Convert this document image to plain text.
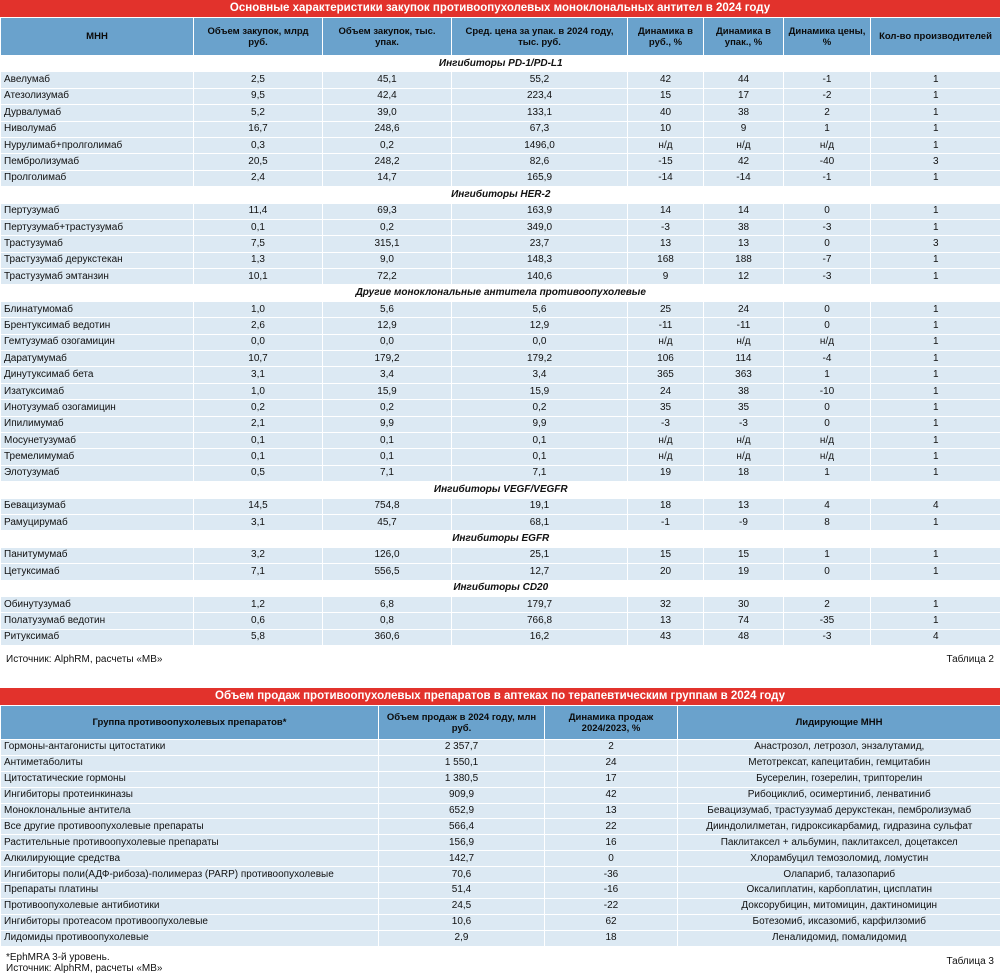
Основные характеристики закупок противоопухолевых моноклональных антител в 2024 году
МНН	Объем закупок, млрд руб.	Объем закупок, тыс. упак.	Сред. цена за упак. в 2024 году, тыс. руб.	Динамика в руб., %	Динамика в упак., %	Динамика цены, %	Кол-во производителей
Ингибиторы PD-1/PD-L1							
Авелумаб	2,5	45,1	55,2	42	44	-1	1
Атезолизумаб	9,5	42,4	223,4	15	17	-2	1
Дурвалумаб	5,2	39,0	133,1	40	38	2	1
Ниволумаб	16,7	248,6	67,3	10	9	1	1
Нурулимаб+пролголимаб	0,3	0,2	1496,0	н/д	н/д	н/д	1
Пембролизумаб	20,5	248,2	82,6	-15	42	-40	3
Пролголимаб	2,4	14,7	165,9	-14	-14	-1	1
Ингибиторы HER-2							
Пертузумаб	11,4	69,3	163,9	14	14	0	1
Пертузумаб+трастузумаб	0,1	0,2	349,0	-3	38	-3	1
Трастузумаб	7,5	315,1	23,7	13	13	0	3
Трастузумаб дерукстекан	1,3	9,0	148,3	168	188	-7	1
Трастузумаб эмтанзин	10,1	72,2	140,6	9	12	-3	1
Другие моноклональные антитела противоопухолевые							
Блинатумомаб	1,0	5,6	5,6	25	24	0	1
Брентуксимаб ведотин	2,6	12,9	12,9	-11	-11	0	1
Гемтузумаб озогамицин	0,0	0,0	0,0	н/д	н/д	н/д	1
Даратумумаб	10,7	179,2	179,2	106	114	-4	1
Динутуксимаб бета	3,1	3,4	3,4	365	363	1	1
Изатуксимаб	1,0	15,9	15,9	24	38	-10	1
Инотузумаб озогамицин	0,2	0,2	0,2	35	35	0	1
Ипилимумаб	2,1	9,9	9,9	-3	-3	0	1
Мосунетузумаб	0,1	0,1	0,1	н/д	н/д	н/д	1
Тремелимумаб	0,1	0,1	0,1	н/д	н/д	н/д	1
Элотузумаб	0,5	7,1	7,1	19	18	1	1
Ингибиторы VEGF/VEGFR							
Бевацизумаб	14,5	754,8	19,1	18	13	4	4
Рамуцирумаб	3,1	45,7	68,1	-1	-9	8	1
Ингибиторы EGFR							
Панитумумаб	3,2	126,0	25,1	15	15	1	1
Цетуксимаб	7,1	556,5	12,7	20	19	0	1
Ингибиторы CD20							
Обинутузумаб	1,2	6,8	179,7	32	30	2	1
Полатузумаб ведотин	0,6	0,8	766,8	13	74	-35	1
Ритуксимаб	5,8	360,6	16,2	43	48	-3	4
Источник: AlphRM, расчеты «МВ»	Таблица 2
Объем продаж противоопухолевых препаратов в аптеках по терапевтическим группам в 2024 году
Группа противоопухолевых препаратов*	Объем продаж в 2024 году, млн руб.	Динамика продаж 2024/2023, %	Лидирующие МНН
Гормоны-антагонисты цитостатики	2 357,7	2	Анастрозол, летрозол, энзалутамид,
Антиметаболиты	1 550,1	24	Метотрексат, капецитабин, гемцитабин
Цитостатические гормоны	1 380,5	17	Бусерелин, гозерелин, трипторелин
Ингибиторы протеинкиназы	909,9	42	Рибоциклиб, осимертиниб, ленватиниб
Моноклональные антитела	652,9	13	Бевацизумаб, трастузумаб дерукстекан, пембролизумаб
Все другие противоопухолевые препараты	566,4	22	Дииндолилметан, гидроксикарбамид, гидразина сульфат
Растительные противоопухолевые препараты	156,9	16	Паклитаксел + альбумин, паклитаксел, доцетаксел
Алкилирующие средства	142,7	0	Хлорамбуцил темозоломид, ломустин
Ингибиторы поли(АДФ-рибоза)-полимераз (PARP) противоопухолевые	70,6	-36	Олапариб, талазопариб
Препараты платины	51,4	-16	Оксалиплатин, карбоплатин, цисплатин
Противоопухолевые антибиотики	24,5	-22	Доксорубицин, митомицин, дактиномицин
Ингибиторы протеасом противоопухолевые	10,6	62	Ботезомиб, иксазомиб, карфилзомиб
Лидомиды противоопухолевые	2,9	18	Леналидомид, помалидомид
*EphMRA 3-й уровень.
Источник: AlphRM, расчеты «МВ»
Таблица 3
